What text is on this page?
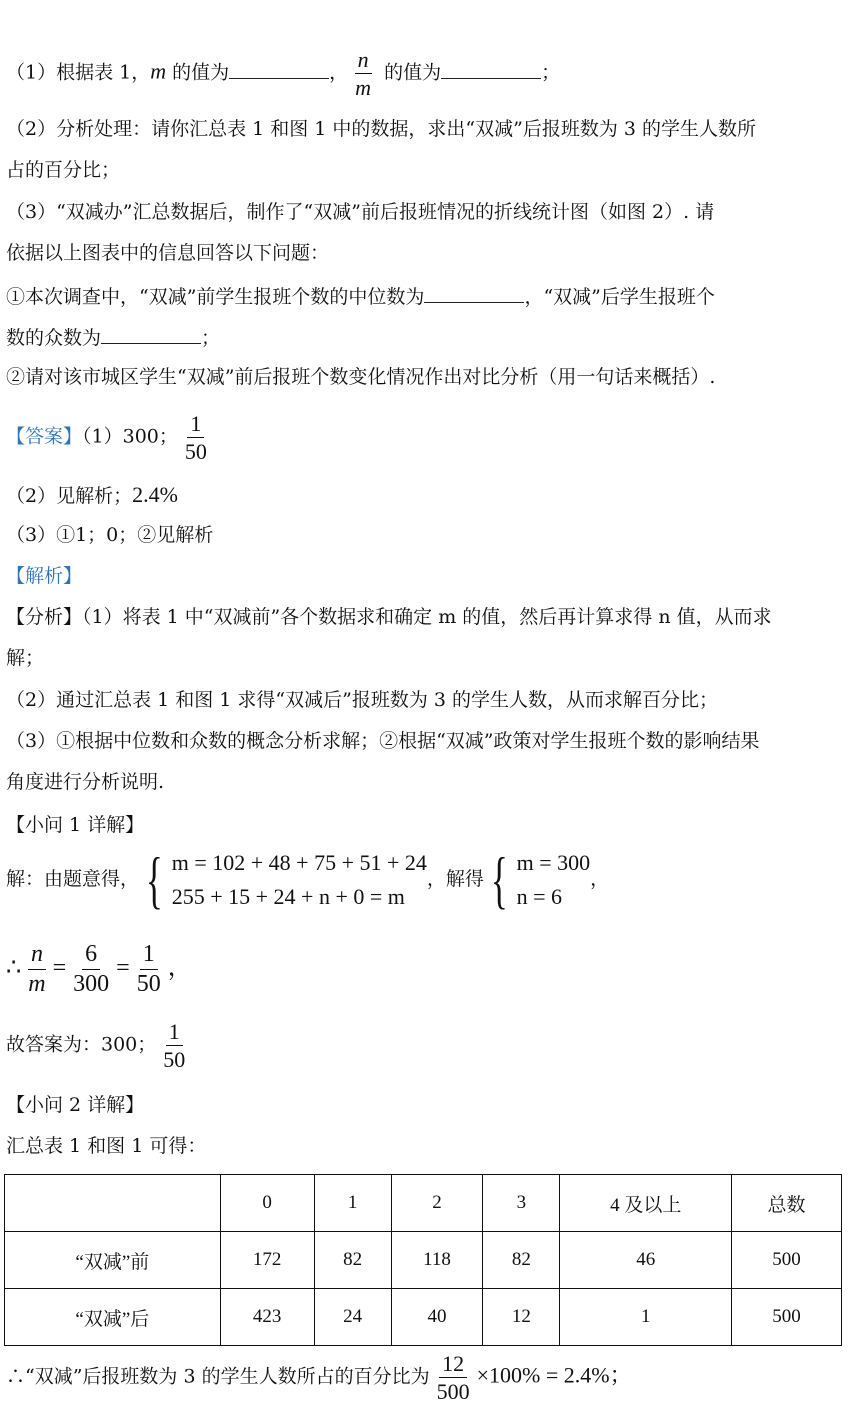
（1）根据表 1，m 的值为	， $\frac{n}{m}$ 的值为	；
（2）分析处理：请你汇总表 1 和图 1 中的数据，求出“双减”后报班数为 3 的学生人数所
占的百分比；
（3）“双减办”汇总数据后，制作了“双减”前后报班情况的折线统计图（如图 2）. 请
依据以上图表中的信息回答以下问题：
①本次调查中，“双减”前学生报班个数的中位数为	，“双减”后学生报班个
数的众数为	；
②请对该市城区学生“双减”前后报班个数变化情况作出对比分析（用一句话来概括）.
【答案】（1）300； $\frac{1}{50}$
（2）见解析；2.4%
（3）①1；0；②见解析
【解析】
【分析】（1）将表 1 中“双减前”各个数据求和确定 m 的值，然后再计算求得 n 值，从而求
解；
（2）通过汇总表 1 和图 1 求得“双减后”报班数为 3 的学生人数，从而求解百分比；
（3）①根据中位数和众数的概念分析求解；②根据“双减”政策对学生报班个数的影响结果
角度进行分析说明.
【小问 1 详解】
解：由题意得， { m = 102 + 48 + 75 + 51 + 24
255 + 15 + 24 + n + 0 = m
，解得 { m = 300
n = 6
，
∴ $\frac{n}{m} = \frac{6}{300} = \frac{1}{50}$ ，
故答案为：300； $\frac{1}{50}$
【小问 2 详解】
汇总表 1 和图 1 可得：
	0	1	2	3	4 及以上	总数
“双减”前	172	82	118	82	46	500
“双减”后	423	24	40	12	1	500
∴“双减”后报班数为 3 的学生人数所占的百分比为 $\frac{12}{500} \times 100\% = 2.4\%$；
